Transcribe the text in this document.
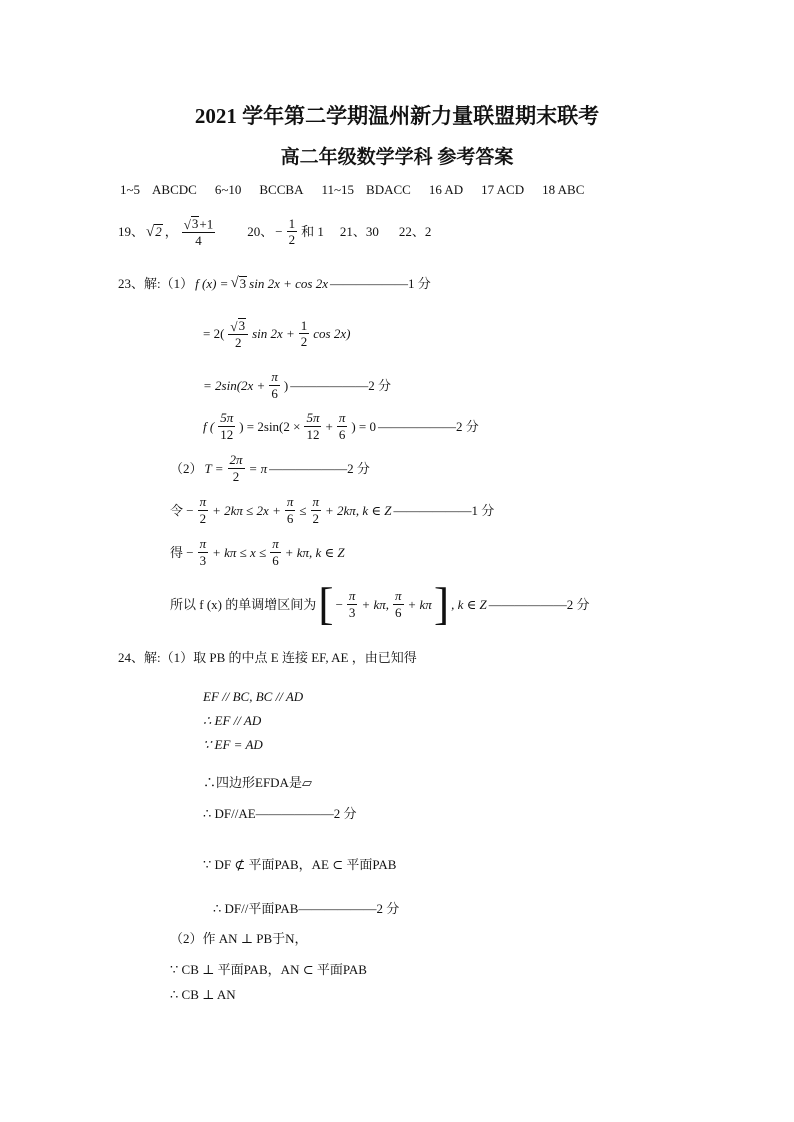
2021 学年第二学期温州新力量联盟期末联考
高二年级数学学科 参考答案
1~5 ABCDC 6~10 BCCBA 11~15 BDACC 16 AD 17 ACD 18 ABC
19、 √ 2 ， $\frac{√ 3 +1}{4} 20$、 − $\frac{1}{2}$ 和 1 21、30 22、2
23、解:（1） f (x) = √ 3 sin 2x + cos 2x ——————1 分
= $2( \frac{√ 3}{2}$ $\sin 2x + \frac{1}{2}$ cos 2x)
= $2\sin(2x + \frac{\pi}{6}$ ) ——————2 分
f ( $\frac{5\pi}{12}$ ) = $2\sin(2 \times \frac{5\pi}{12} + \frac{\pi}{6}$ ) = 0 ——————2 分
（2） $T = \frac{2\pi}{2} = \pi$ ——————2 分
令 − $\frac{\pi}{2} + 2k\pi \le 2x + \frac{\pi}{6} \le \frac{\pi}{2} + 2k\pi$, k ∈ Z ——————1 分
得 − $\frac{\pi}{3} + k\pi \le x \le \frac{\pi}{6} + k\pi$, k ∈ Z
所以 f (x) 的单调增区间为 [ − $\frac{\pi}{3} + k\pi$, $\frac{\pi}{6} + k\pi$ ] , k ∈ Z ——————2 分
24、解:（1）取 PB 的中点 E 连接 EF, AE ，由已知得
EF // BC, BC // AD
∴ EF // AD
∵ EF = AD
∴四边形EFDA是▱
∴ DF//AE——————2 分
∵ DF ⊄ 平面PAB，AE ⊂ 平面PAB
∴ DF//平面PAB——————2 分
（2）作 AN ⊥ PB于N，
∵ CB ⊥ 平面PAB，AN ⊂ 平面PAB
∴ CB ⊥ AN
